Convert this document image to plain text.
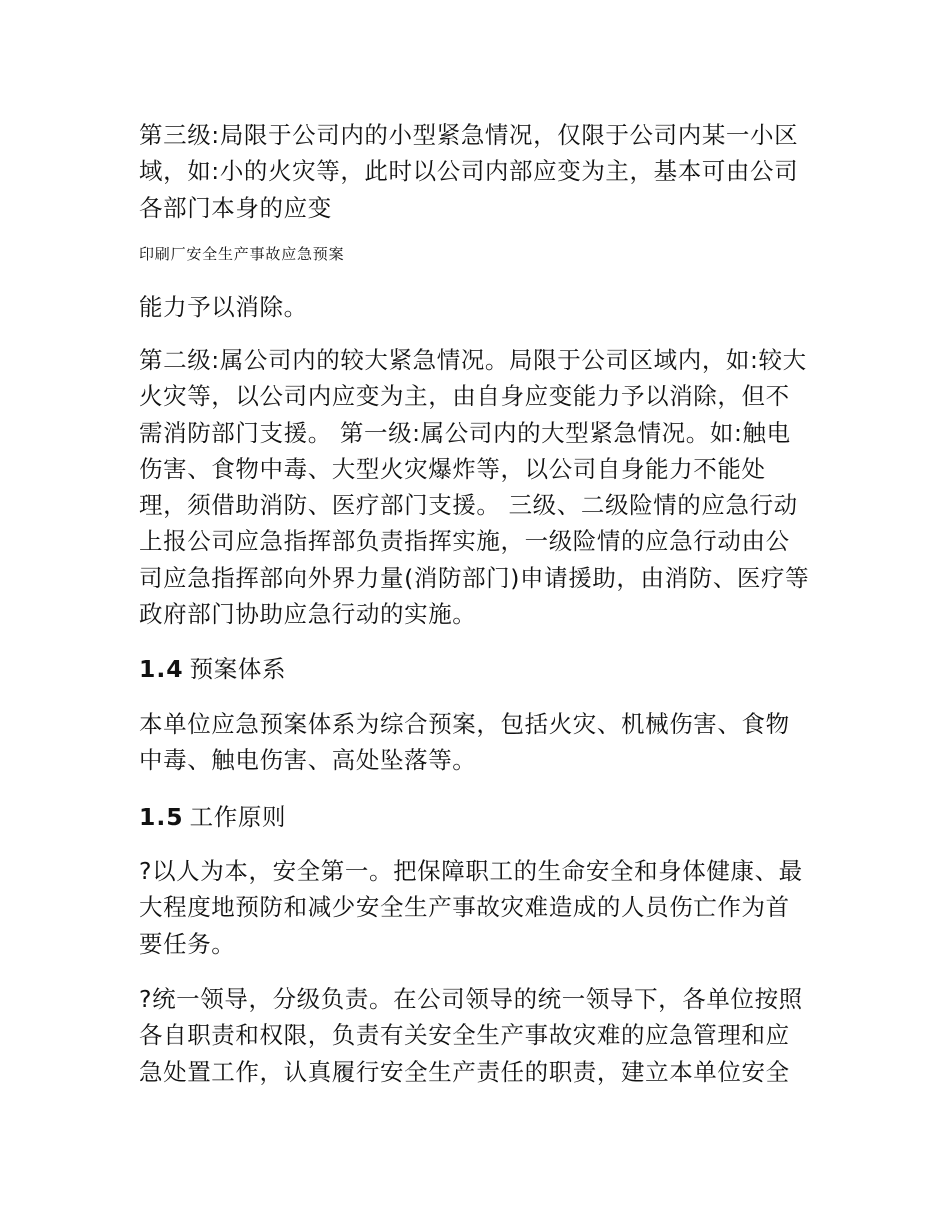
第三级:局限于公司内的小型紧急情况，仅限于公司内某一小区域，如:小的火灾等，此时以公司内部应变为主，基本可由公司各部门本身的应变

印刷厂安全生产事故应急预案

能力予以消除。

第二级:属公司内的较大紧急情况。局限于公司区域内，如:较大火灾等，以公司内应变为主，由自身应变能力予以消除，但不需消防部门支援。 第一级:属公司内的大型紧急情况。如:触电伤害、食物中毒、大型火灾爆炸等，以公司自身能力不能处理，须借助消防、医疗部门支援。 三级、二级险情的应急行动上报公司应急指挥部负责指挥实施，一级险情的应急行动由公司应急指挥部向外界力量(消防部门)申请援助，由消防、医疗等政府部门协助应急行动的实施。

1.4 预案体系

本单位应急预案体系为综合预案，包括火灾、机械伤害、食物中毒、触电伤害、高处坠落等。

1.5 工作原则

?以人为本，安全第一。把保障职工的生命安全和身体健康、最大程度地预防和减少安全生产事故灾难造成的人员伤亡作为首要任务。

?统一领导，分级负责。在公司领导的统一领导下，各单位按照各自职责和权限，负责有关安全生产事故灾难的应急管理和应急处置工作，认真履行安全生产责任的职责，建立本单位安全
